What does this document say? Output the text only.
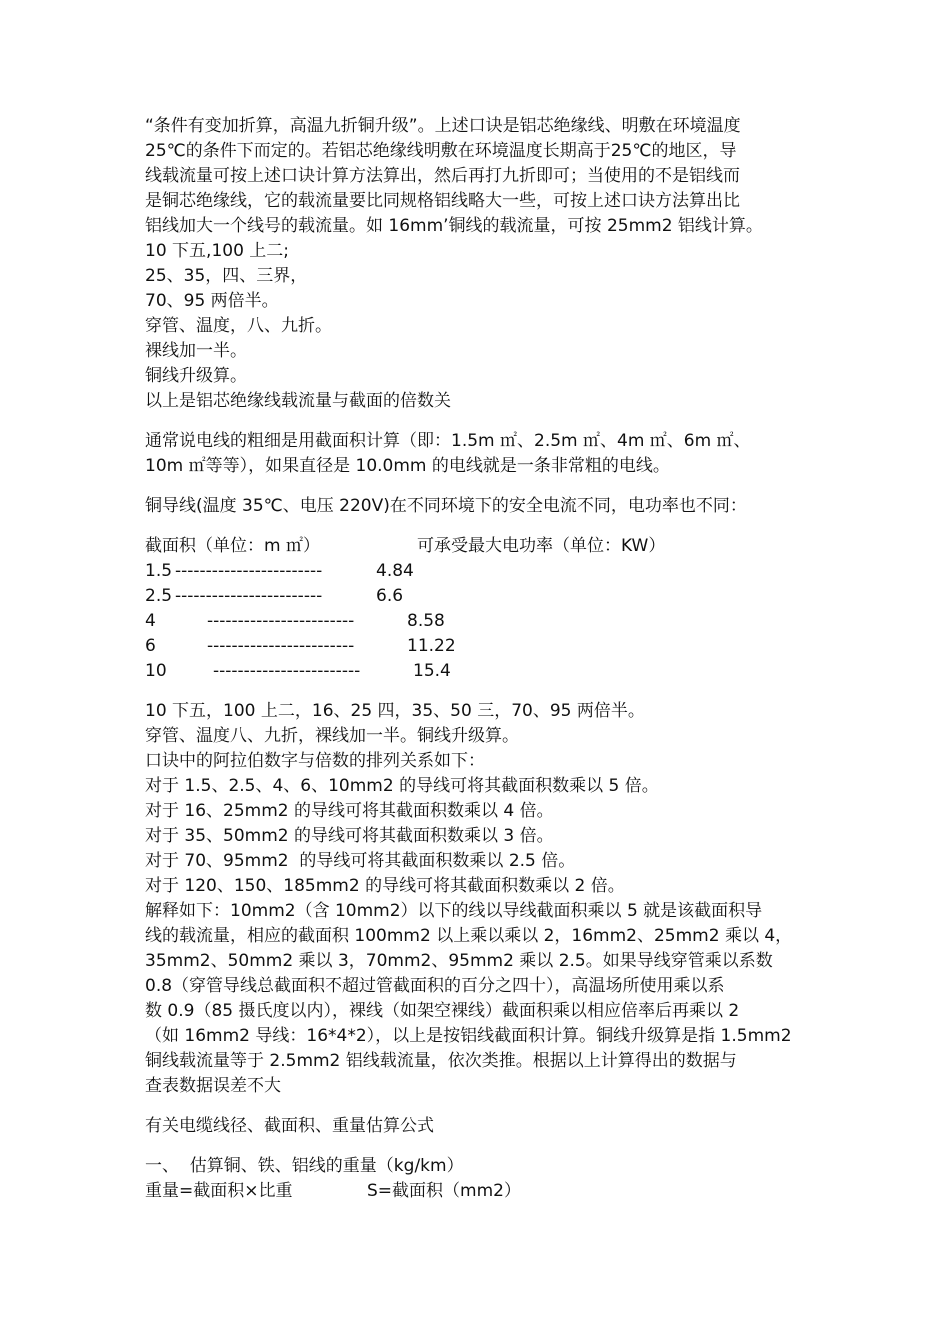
“条件有变加折算，高温九折铜升级”。上述口诀是铝芯绝缘线、明敷在环境温度
25℃的条件下而定的。若铝芯绝缘线明敷在环境温度长期高于25℃的地区，导
线载流量可按上述口诀计算方法算出，然后再打九折即可；当使用的不是铝线而
是铜芯绝缘线，它的载流量要比同规格铝线略大一些，可按上述口诀方法算出比
铝线加大一个线号的载流量。如 16mm’铜线的载流量，可按 25mm2 铝线计算。
10 下五,100 上二;
25、35，四、三界，
70、95 两倍半。
穿管、温度，八、九折。
裸线加一半。
铜线升级算。
以上是铝芯绝缘线载流量与截面的倍数关
通常说电线的粗细是用截面积计算（即：1.5m ㎡、2.5m ㎡、4m ㎡、6m ㎡、
10m ㎡等等），如果直径是 10.0mm 的电线就是一条非常粗的电线。
铜导线(温度 35℃、电压 220V)在不同环境下的安全电流不同，电功率也不同：
截面积（单位：m ㎡）	可承受最大电功率（单位：KW）
1.5 ------------------------	4.84
2.5 ------------------------	6.6
4	------------------------	8.58
6	------------------------	11.22
10	------------------------	15.4
10 下五，100 上二，16、25 四，35、50 三，70、95 两倍半。
穿管、温度八、九折，裸线加一半。铜线升级算。
口诀中的阿拉伯数字与倍数的排列关系如下：
对于 1.5、2.5、4、6、10mm2 的导线可将其截面积数乘以 5 倍。
对于 16、25mm2 的导线可将其截面积数乘以 4 倍。
对于 35、50mm2 的导线可将其截面积数乘以 3 倍。
对于 70、95mm2  的导线可将其截面积数乘以 2.5 倍。
对于 120、150、185mm2 的导线可将其截面积数乘以 2 倍。
解释如下：10mm2（含 10mm2）以下的线以导线截面积乘以 5 就是该截面积导
线的载流量，相应的截面积 100mm2 以上乘以乘以 2，16mm2、25mm2 乘以 4，
35mm2、50mm2 乘以 3，70mm2、95mm2 乘以 2.5。如果导线穿管乘以系数
0.8（穿管导线总截面积不超过管截面积的百分之四十），高温场所使用乘以系
数 0.9（85 摄氏度以内），裸线（如架空裸线）截面积乘以相应倍率后再乘以 2
（如 16mm2 导线：16*4*2），以上是按铝线截面积计算。铜线升级算是指 1.5mm2
铜线载流量等于 2.5mm2 铝线载流量，依次类推。根据以上计算得出的数据与
查表数据误差不大
有关电缆线径、截面积、重量估算公式
一、  估算铜、铁、铝线的重量（kg/km）
重量=截面积×比重	S=截面积（mm2）
